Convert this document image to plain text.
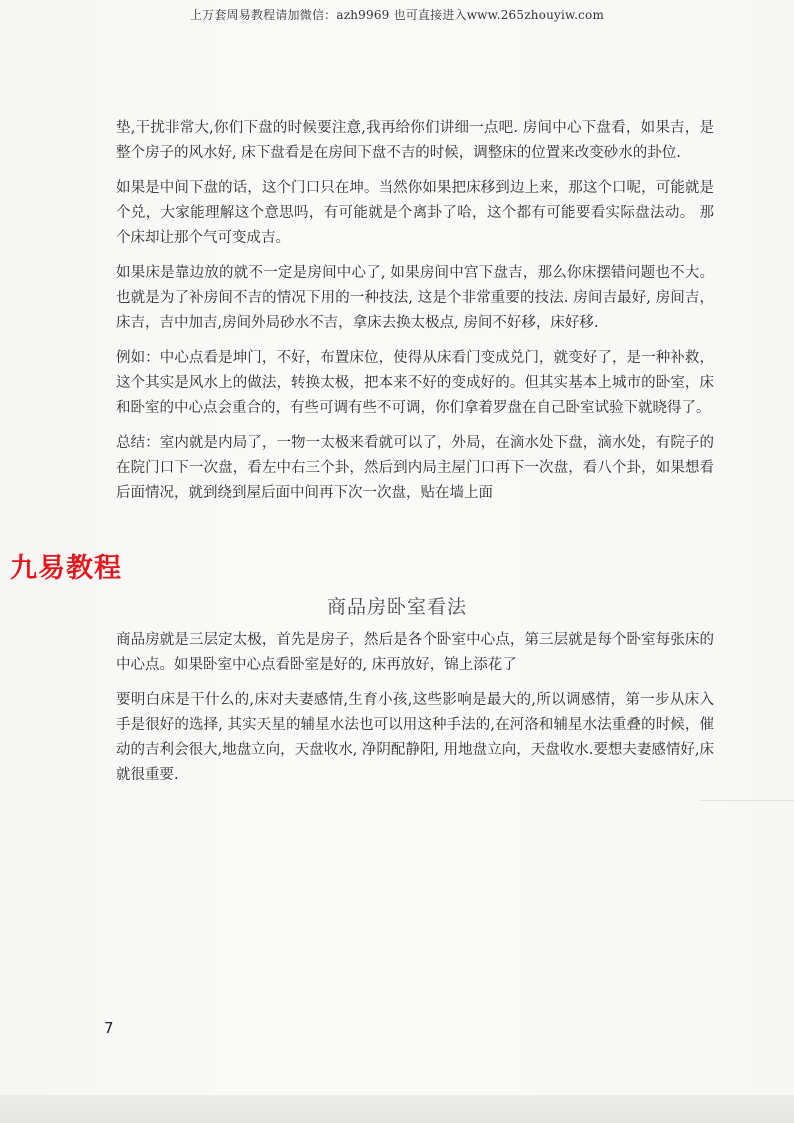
上万套周易教程请加微信：azh9969 也可直接进入www.265zhouyiw.com

垫,干扰非常大,你们下盘的时候要注意,我再给你们讲细一点吧. 房间中心下盘看，如果吉，是整个房子的风水好, 床下盘看是在房间下盘不吉的时候，调整床的位置来改变砂水的卦位.

如果是中间下盘的话，这个门口只在坤。当然你如果把床移到边上来，那这个口呢，可能就是个兑，大家能理解这个意思吗，有可能就是个离卦了哈，这个都有可能要看实际盘法动。 那个床却让那个气可变成吉。

如果床是靠边放的就不一定是房间中心了, 如果房间中宫下盘吉，那么你床摆错问题也不大。也就是为了补房间不吉的情况下用的一种技法, 这是个非常重要的技法. 房间吉最好, 房间吉，床吉，吉中加吉,房间外局砂水不吉，拿床去换太极点, 房间不好移，床好移.

例如：中心点看是坤门，不好，布置床位，使得从床看门变成兑门，就变好了，是一种补救，这个其实是风水上的做法，转换太极，把本来不好的变成好的。但其实基本上城市的卧室，床和卧室的中心点会重合的，有些可调有些不可调，你们拿着罗盘在自己卧室试验下就晓得了。

总结：室内就是内局了，一物一太极来看就可以了，外局，在滴水处下盘，滴水处，有院子的在院门口下一次盘，看左中右三个卦，然后到内局主屋门口再下一次盘，看八个卦，如果想看后面情况，就到绕到屋后面中间再下次一次盘，贴在墙上面

九易教程
商品房卧室看法

商品房就是三层定太极，首先是房子，然后是各个卧室中心点，第三层就是每个卧室每张床的中心点。如果卧室中心点看卧室是好的, 床再放好，锦上添花了

要明白床是干什么的,床对夫妻感情,生育小孩,这些影响是最大的,所以调感情，第一步从床入手是很好的选择, 其实天星的辅星水法也可以用这种手法的,在河洛和辅星水法重叠的时候，催动的吉利会很大,地盘立向，天盘收水, 净阴配静阳, 用地盘立向，天盘收水.要想夫妻感情好,床就很重要.

7
